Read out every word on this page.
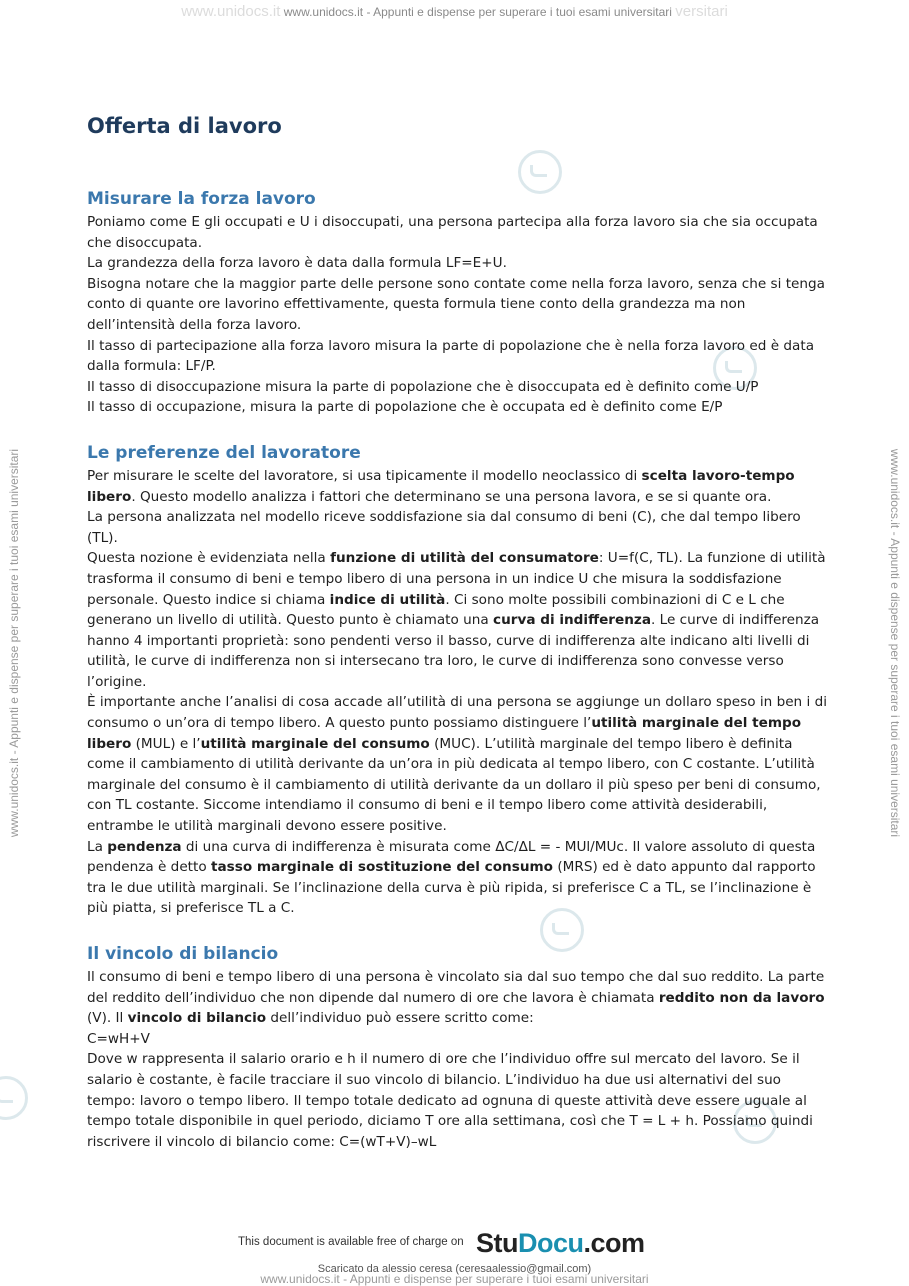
www.unidocs.it www.unidocs.it - Appunti e dispense per superare i tuoi esami universitari versitari
www.unidocs.it - Appunti e dispense per superare i tuoi esami universitari	www.unidocs.it - Appunti e dispense per superare i tuoi esami universitari
Offerta di lavoro
Misurare la forza lavoro

Poniamo come E gli occupati e U i disoccupati, una persona partecipa alla forza lavoro sia che sia occupata che disoccupata.

La grandezza della forza lavoro è data dalla formula LF=E+U.

Bisogna notare che la maggior parte delle persone sono contate come nella forza lavoro, senza che si tenga conto di quante ore lavorino effettivamente, questa formula tiene conto della grandezza ma non dell’intensità della forza lavoro.

Il tasso di partecipazione alla forza lavoro misura la parte di popolazione che è nella forza lavoro ed è data dalla formula: LF/P.

Il tasso di disoccupazione misura la parte di popolazione che è disoccupata ed è definito come U/P

Il tasso di occupazione, misura la parte di popolazione che è occupata ed è definito come E/P

Le preferenze del lavoratore

Per misurare le scelte del lavoratore, si usa tipicamente il modello neoclassico di scelta lavoro-tempo libero. Questo modello analizza i fattori che determinano se una persona lavora, e se si quante ora.

La persona analizzata nel modello riceve soddisfazione sia dal consumo di beni (C), che dal tempo libero (TL).

Questa nozione è evidenziata nella funzione di utilità del consumatore: U=f(C, TL). La funzione di utilità trasforma il consumo di beni e tempo libero di una persona in un indice U che misura la soddisfazione personale. Questo indice si chiama indice di utilità. Ci sono molte possibili combinazioni di C e L che generano un livello di utilità. Questo punto è chiamato una curva di indifferenza. Le curve di indifferenza hanno 4 importanti proprietà: sono pendenti verso il basso, curve di indifferenza alte indicano alti livelli di utilità, le curve di indifferenza non si intersecano tra loro, le curve di indifferenza sono convesse verso l’origine.

È importante anche l’analisi di cosa accade all’utilità di una persona se aggiunge un dollaro speso in ben i di consumo o un’ora di tempo libero. A questo punto possiamo distinguere l’utilità marginale del tempo libero (MUL) e l’utilità marginale del consumo (MUC). L’utilità marginale del tempo libero è definita come il cambiamento di utilità derivante da un’ora in più dedicata al tempo libero, con C costante. L’utilità marginale del consumo è il cambiamento di utilità derivante da un dollaro il più speso per beni di consumo, con TL costante. Siccome intendiamo il consumo di beni e il tempo libero come attività desiderabili, entrambe le utilità marginali devono essere positive.

La pendenza di una curva di indifferenza è misurata come ΔC/ΔL = - MUl/MUc. Il valore assoluto di questa pendenza è detto tasso marginale di sostituzione del consumo (MRS) ed è dato appunto dal rapporto tra le due utilità marginali. Se l’inclinazione della curva è più ripida, si preferisce C a TL, se l’inclinazione è più piatta, si preferisce TL a C.

Il vincolo di bilancio

Il consumo di beni e tempo libero di una persona è vincolato sia dal suo tempo che dal suo reddito. La parte del reddito dell’individuo che non dipende dal numero di ore che lavora è chiamata reddito non da lavoro (V). Il vincolo di bilancio dell’individuo può essere scritto come:

C=wH+V

Dove w rappresenta il salario orario e h il numero di ore che l’individuo offre sul mercato del lavoro. Se il salario è costante, è facile tracciare il suo vincolo di bilancio. L’individuo ha due usi alternativi del suo tempo: lavoro o tempo libero. Il tempo totale dedicato ad ognuna di queste attività deve essere uguale al tempo totale disponibile in quel periodo, diciamo T ore alla settimana, così che T = L + h. Possiamo quindi riscrivere il vincolo di bilancio come: C=(wT+V)–wL

This document is available free of charge on StuDocu.com
Scaricato da alessio ceresa (ceresaalessio@gmail.com)
www.unidocs.it - Appunti e dispense per superare i tuoi esami universitari
